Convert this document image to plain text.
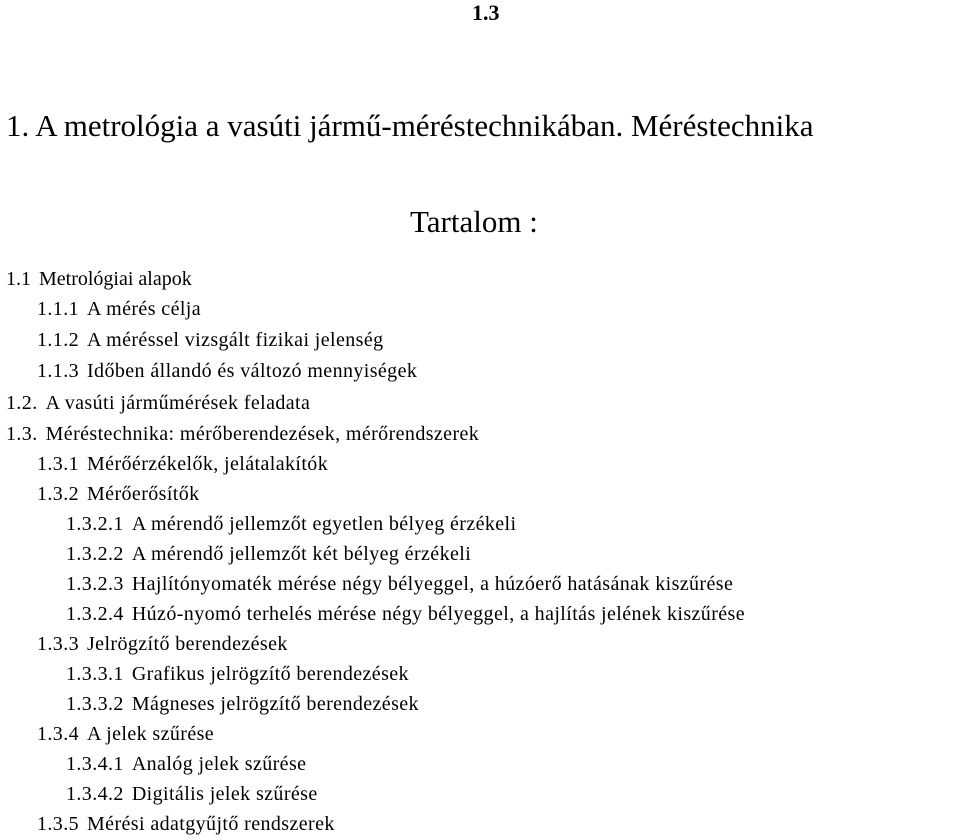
1.3
1. A metrológia a vasúti jármű-méréstechnikában. Méréstechnika
Tartalom :
1.1 Metrológiai alapok
1.1.1 A mérés célja
1.1.2 A méréssel vizsgált fizikai jelenség
1.1.3 Időben állandó és változó mennyiségek
1.2. A vasúti járműmérések feladata
1.3. Méréstechnika: mérőberendezések, mérőrendszerek
1.3.1 Mérőérzékelők, jelátalakítók
1.3.2 Mérőerősítők
1.3.2.1 A mérendő jellemzőt egyetlen bélyeg érzékeli
1.3.2.2 A mérendő jellemzőt két bélyeg érzékeli
1.3.2.3 Hajlítónyomaték mérése négy bélyeggel, a húzóerő hatásának kiszűrése
1.3.2.4 Húzó-nyomó terhelés mérése négy bélyeggel, a hajlítás jelének kiszűrése
1.3.3 Jelrögzítő berendezések
1.3.3.1 Grafikus jelrögzítő berendezések
1.3.3.2 Mágneses jelrögzítő berendezések
1.3.4 A jelek szűrése
1.3.4.1 Analóg jelek szűrése
1.3.4.2 Digitális jelek szűrése
1.3.5 Mérési adatgyűjtő rendszerek
